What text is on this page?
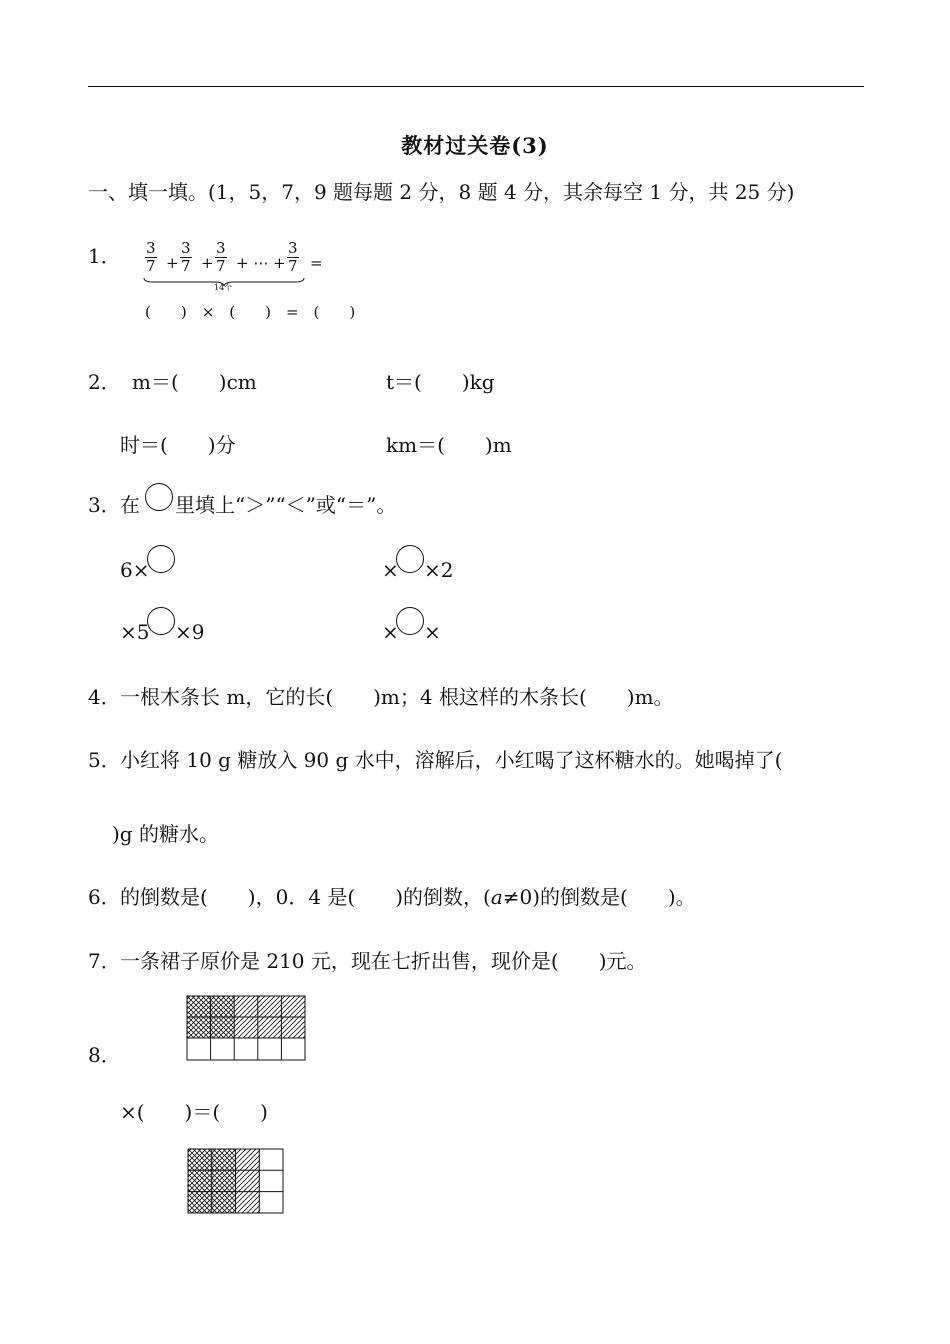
教材过关卷(3)
一、填一填。(1，5，7，9 题每题 2 分，8 题 4 分，其余每空 1 分，共 25 分)
1． $\frac{3}{7} + \frac{3}{7} + \frac{3}{7}$ + ⋯ + $\frac{3}{7}$ =
14个
(　　)　×　(　　)　=　(　　)
2． m＝(　　)cm	t＝(　　)kg
时＝(　　)分	km＝(　　)m
3． 在 里填上“＞”“＜”或“＝”。
6×	× ×2
×5 ×9	× ×
4． 一根木条长 m，它的长(　　)m；4 根这样的木条长(　　)m。
5． 小红将 10 g 糖放入 90 g 水中，溶解后，小红喝了这杯糖水的。她喝掉了(
)g 的糖水。
6． 的倒数是(　　)，0．4 是(　　)的倒数，(a≠0)的倒数是(　　)。
7． 一条裙子原价是 210 元，现在七折出售，现价是(　　)元。
8．
×(　　)＝(　　)
